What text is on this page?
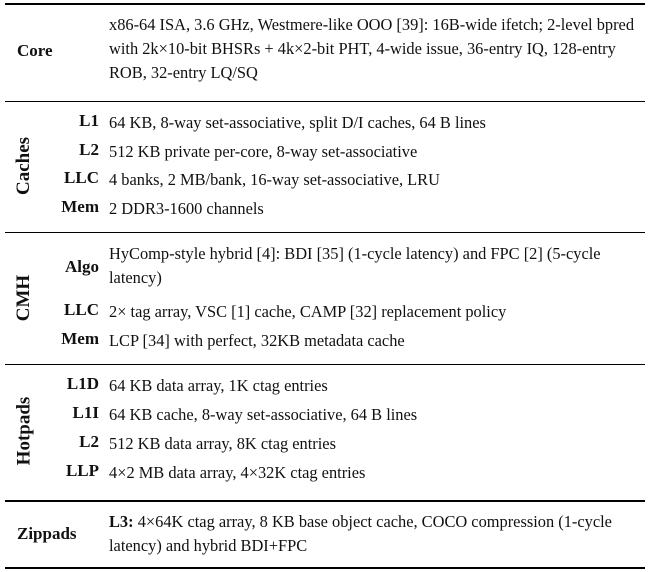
Core
x86-64 ISA, 3.6 GHz, Westmere-like OOO [39]: 16B-wide ifetch; 2-level bpred with 2k×10-bit BHSRs + 4k×2-bit PHT, 4-wide issue, 36-entry IQ, 128-entry ROB, 32-entry LQ/SQ
Caches
L1 64 KB, 8-way set-associative, split D/I caches, 64 B lines
L2 512 KB private per-core, 8-way set-associative
LLC 4 banks, 2 MB/bank, 16-way set-associative, LRU
Mem 2 DDR3-1600 channels
CMH
Algo
HyComp-style hybrid [4]: BDI [35] (1-cycle latency) and FPC [2] (5-cycle latency)
LLC 2× tag array, VSC [1] cache, CAMP [32] replacement policy
Mem LCP [34] with perfect, 32KB metadata cache
Hotpads
L1D 64 KB data array, 1K ctag entries
L1I 64 KB cache, 8-way set-associative, 64 B lines
L2 512 KB data array, 8K ctag entries
LLP 4×2 MB data array, 4×32K ctag entries
Zippads
L3: 4×64K ctag array, 8 KB base object cache, COCO compression (1-cycle latency) and hybrid BDI+FPC
